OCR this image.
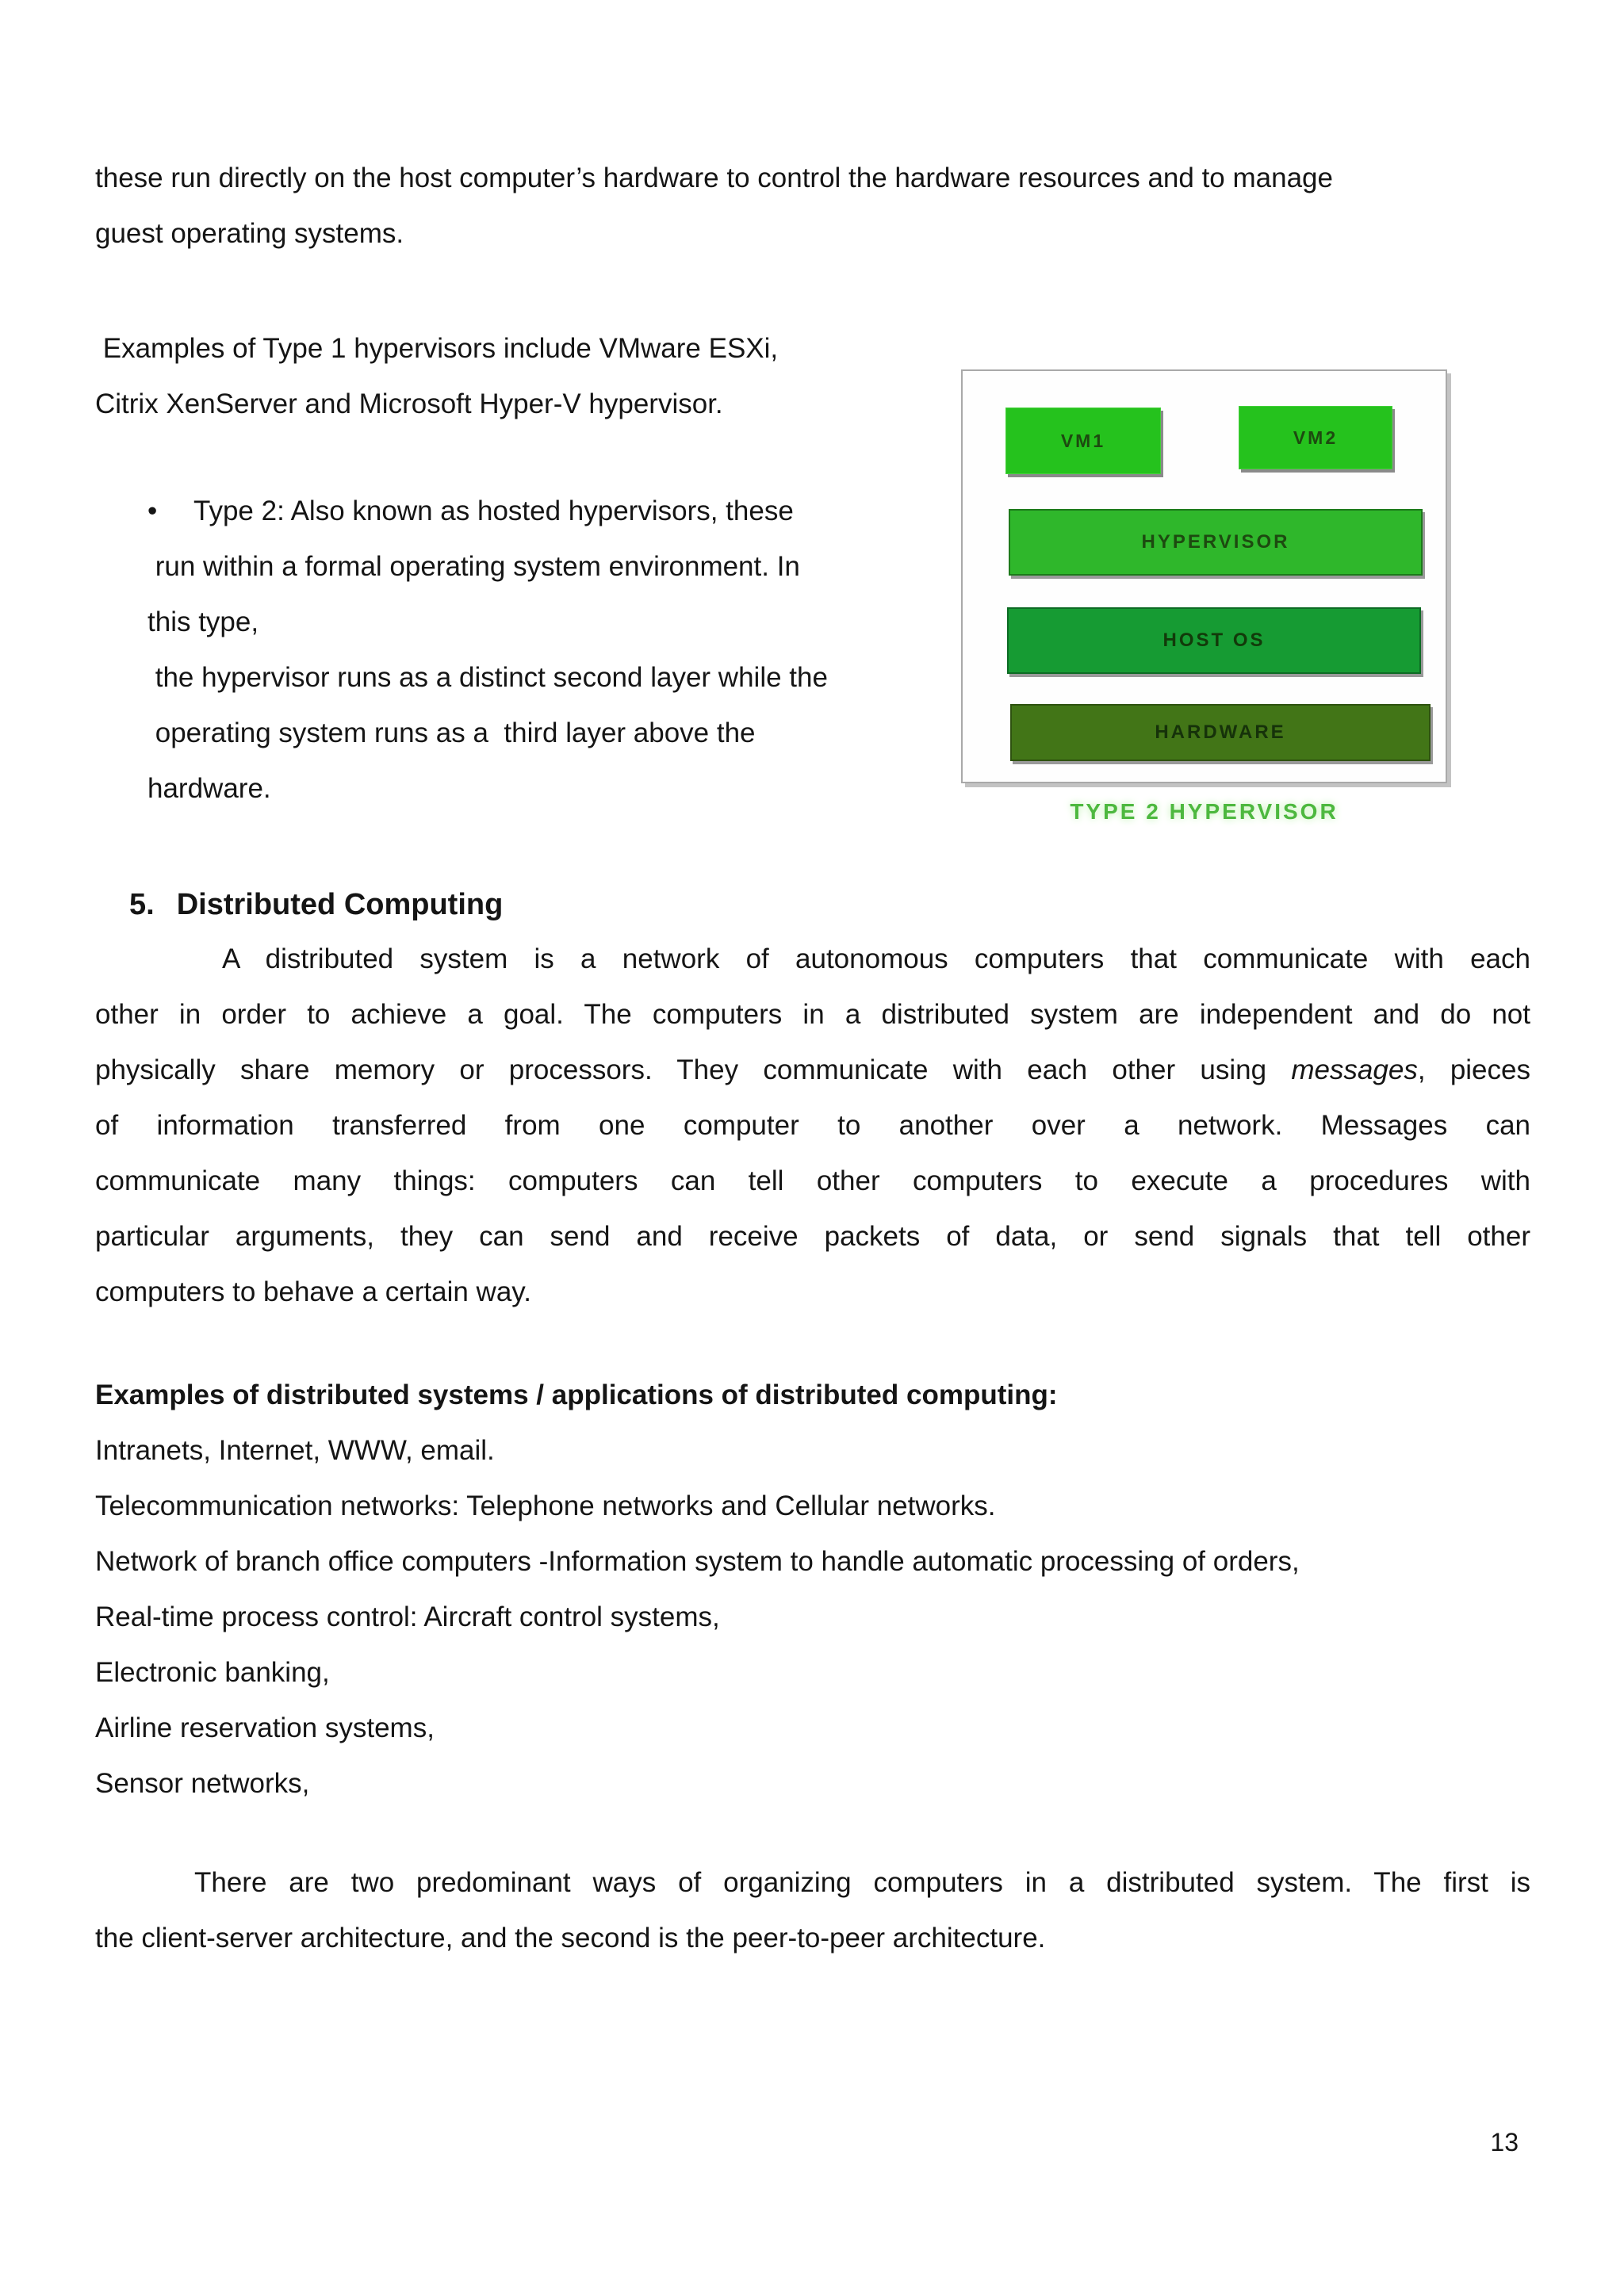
these run directly on the host computer’s hardware to control the hardware resources and to manage
guest operating systems.
Examples of Type 1 hypervisors include VMware ESXi,
Citrix XenServer and Microsoft Hyper-V hypervisor.
•	Type 2: Also known as hosted hypervisors, these
run within a formal operating system environment. In
this type,
the hypervisor runs as a distinct second layer while the
operating system runs as a  third layer above the
hardware.
VM1	VM2
HYPERVISOR
HOST OS
HARDWARE
TYPE 2 HYPERVISOR
5. Distributed Computing
A distributed system is a network of autonomous computers that communicate with each
other in order to achieve a goal. The computers in a distributed system are independent and do not
physically share memory or processors. They communicate with each other using messages, pieces
of information transferred from one computer to another over a network. Messages can
communicate many things: computers can tell other computers to execute a procedures with
particular arguments, they can send and receive packets of data, or send signals that tell other
computers to behave a certain way.
Examples of distributed systems / applications of distributed computing:
Intranets, Internet, WWW, email.
Telecommunication networks: Telephone networks and Cellular networks.
Network of branch office computers -Information system to handle automatic processing of orders,
Real-time process control: Aircraft control systems,
Electronic banking,
Airline reservation systems,
Sensor networks,
There are two predominant ways of organizing computers in a distributed system. The first is
the client-server architecture, and the second is the peer-to-peer architecture.
13
